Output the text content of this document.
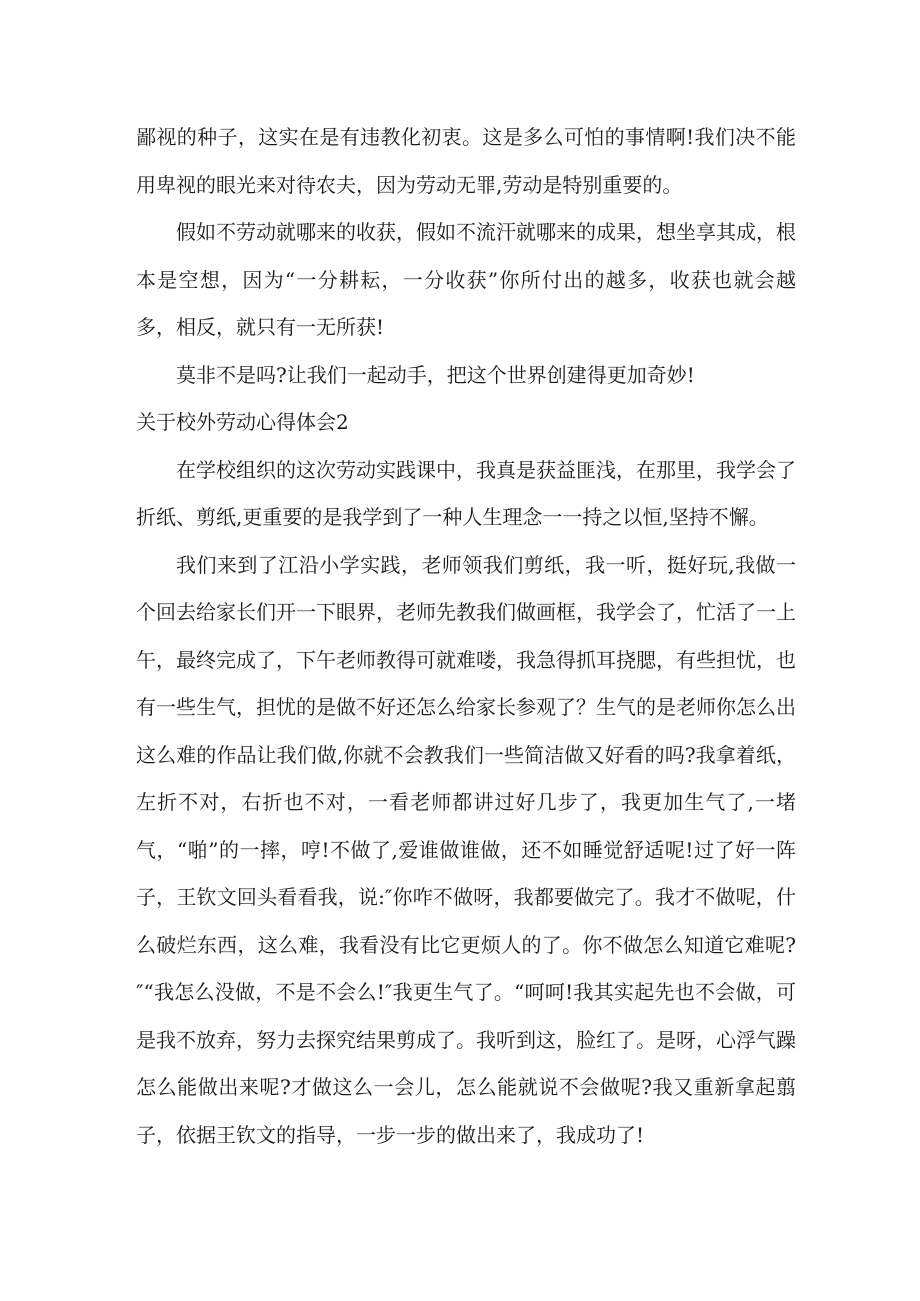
鄙视的种子，这实在是有违教化初衷。这是多么可怕的事情啊!我们决不能用卑视的眼光来对待农夫，因为劳动无罪,劳动是特别重要的。

假如不劳动就哪来的收获，假如不流汗就哪来的成果，想坐享其成，根本是空想，因为“一分耕耘，一分收获”你所付出的越多，收获也就会越多，相反，就只有一无所获!

莫非不是吗?让我们一起动手，把这个世界创建得更加奇妙!

关于校外劳动心得体会2

在学校组织的这次劳动实践课中，我真是获益匪浅，在那里，我学会了折纸、剪纸,更重要的是我学到了一种人生理念一一持之以恒,坚持不懈。

我们来到了江沿小学实践，老师领我们剪纸，我一听，挺好玩,我做一个回去给家长们开一下眼界，老师先教我们做画框，我学会了，忙活了一上午，最终完成了，下午老师教得可就难喽，我急得抓耳挠腮，有些担忧，也有一些生气，担忧的是做不好还怎么给家长参观了？生气的是老师你怎么出这么难的作品让我们做,你就不会教我们一些简洁做又好看的吗?我拿着纸，左折不对，右折也不对，一看老师都讲过好几步了，我更加生气了,一堵气，“啪”的一摔，哼!不做了,爱谁做谁做，还不如睡觉舒适呢!过了好一阵子，王钦文回头看看我，说:″你咋不做呀，我都要做完了。我才不做呢，什么破烂东西，这么难，我看没有比它更烦人的了。你不做怎么知道它难呢?″“我怎么没做，不是不会么!″我更生气了。“呵呵!我其实起先也不会做，可是我不放弃，努力去探究结果剪成了。我听到这，脸红了。是呀，心浮气躁怎么能做出来呢?才做这么一会儿，怎么能就说不会做呢?我又重新拿起翦子，依据王钦文的指导，一步一步的做出来了，我成功了!
